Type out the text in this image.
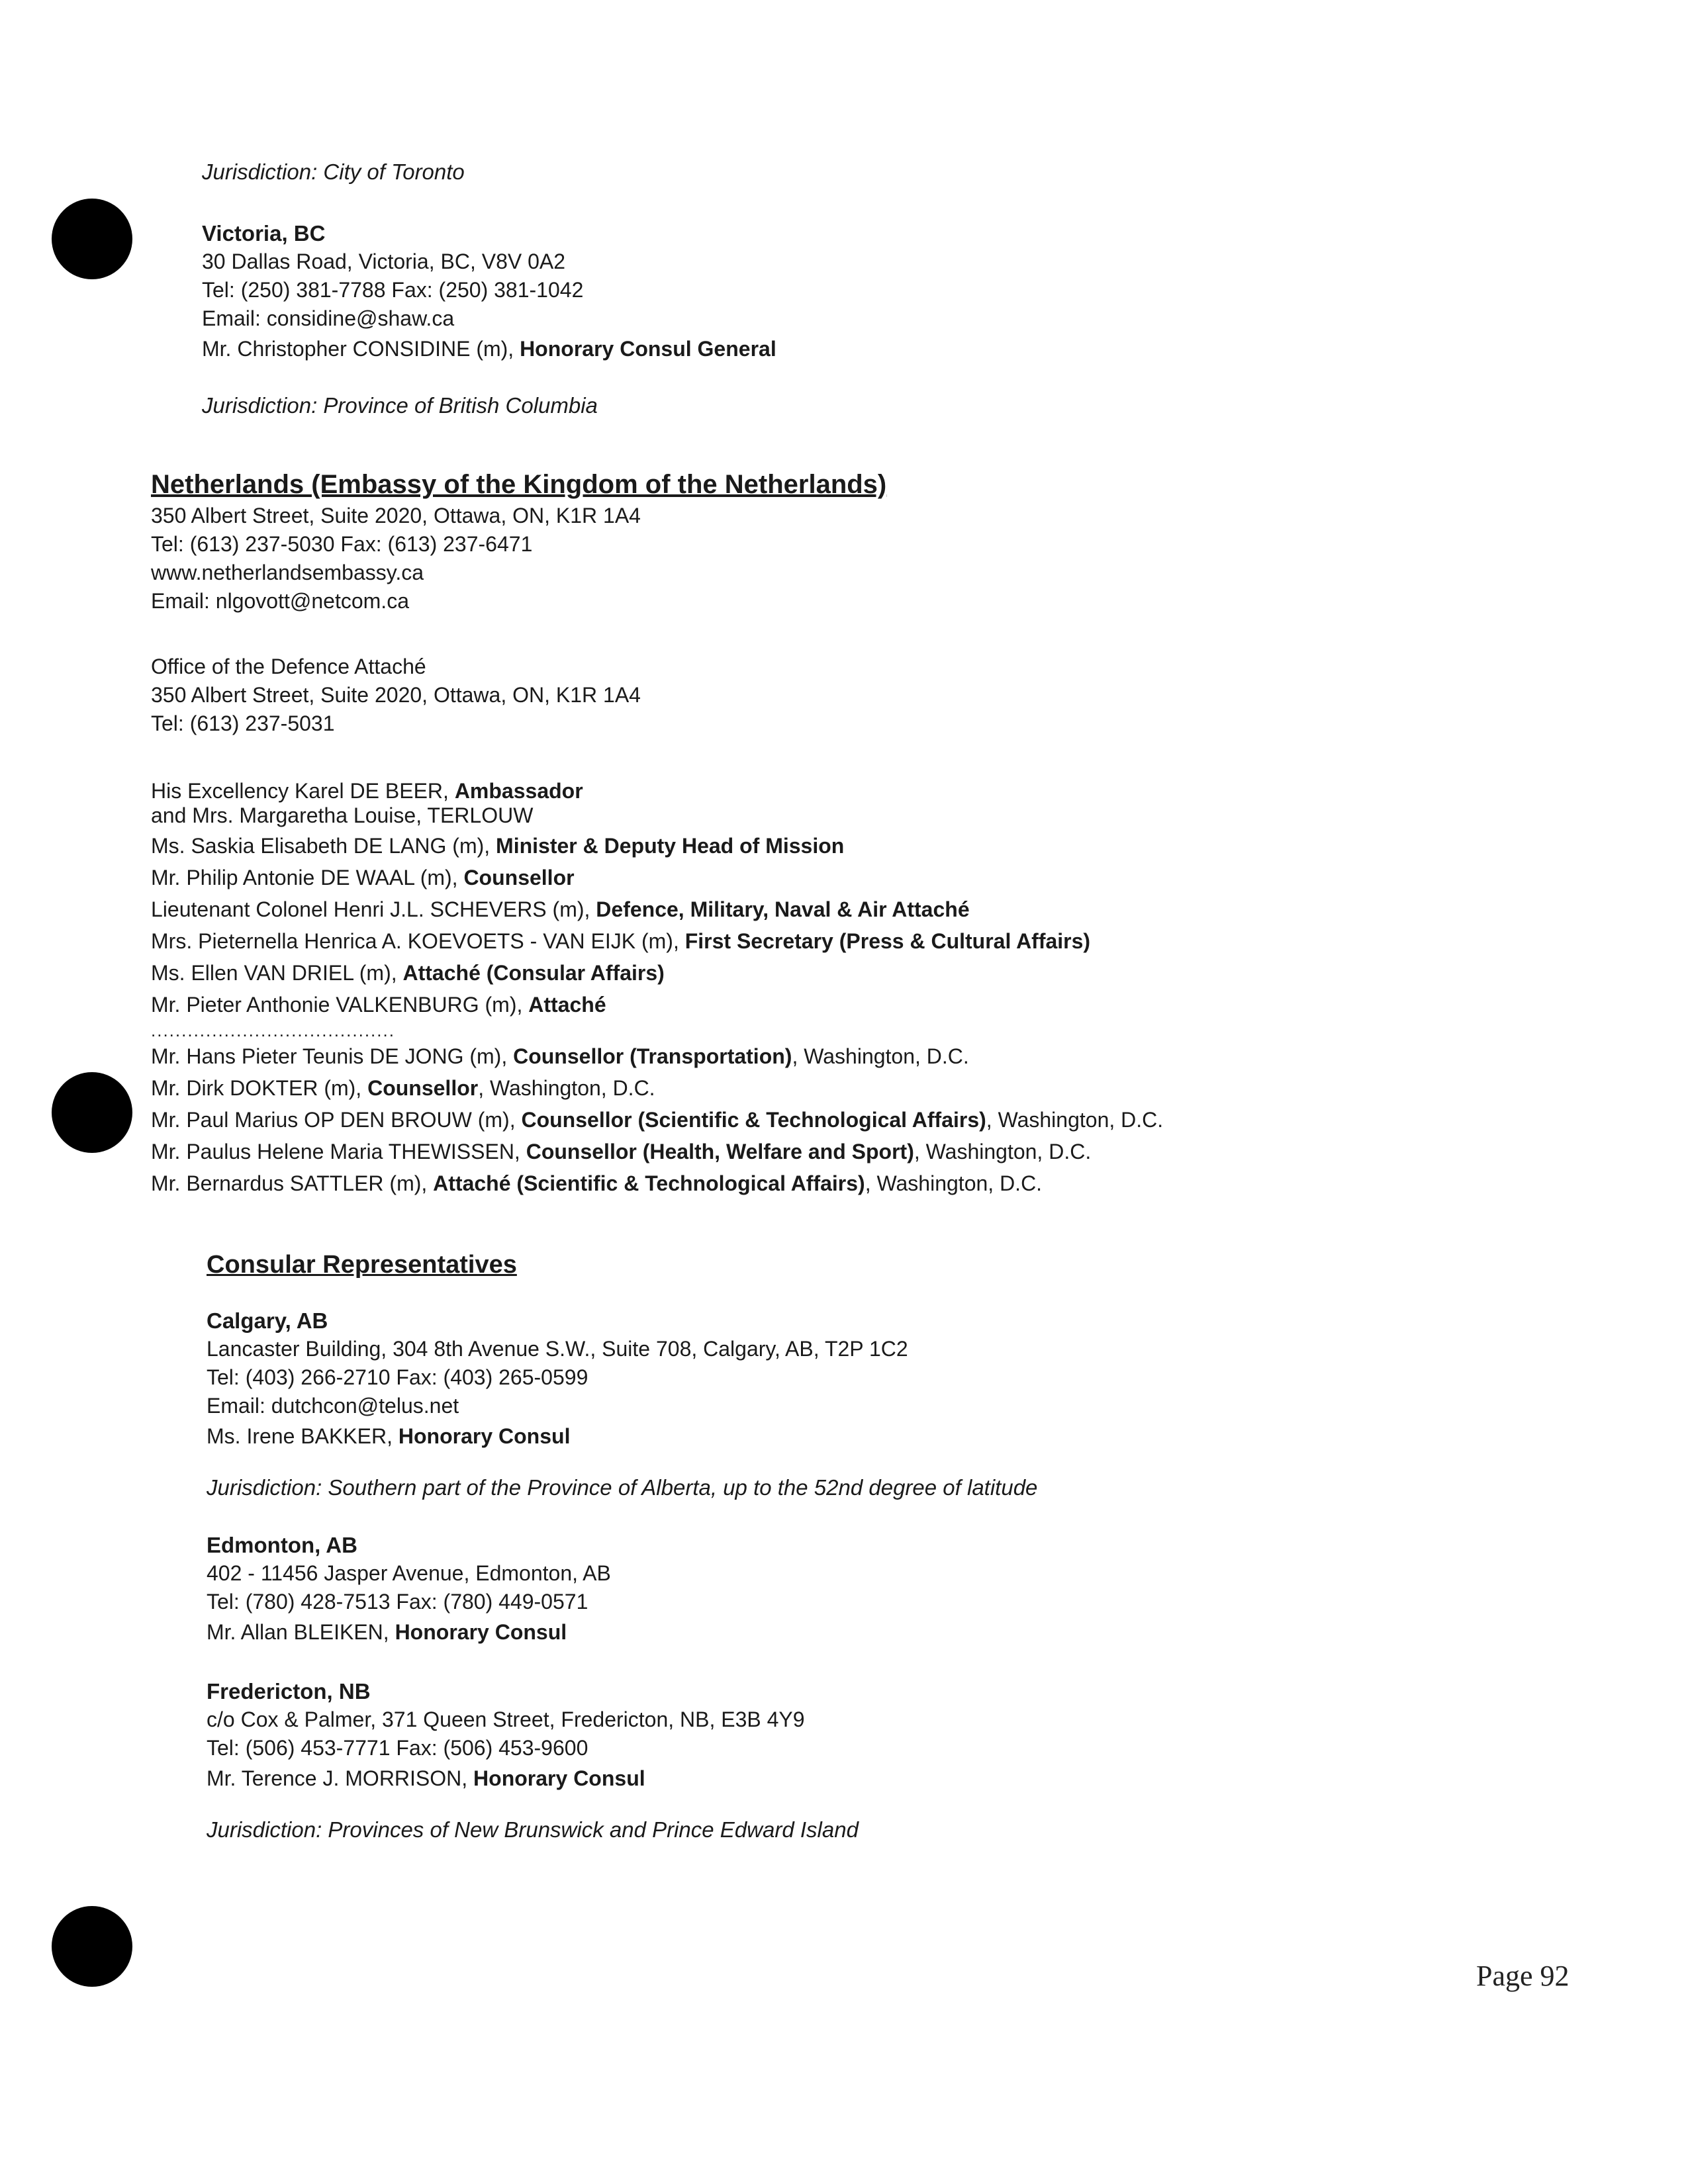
Jurisdiction: City of Toronto
Victoria, BC
30 Dallas Road, Victoria, BC, V8V 0A2
Tel: (250) 381-7788 Fax: (250) 381-1042
Email: considine@shaw.ca
Mr. Christopher CONSIDINE (m), Honorary Consul General
Jurisdiction: Province of British Columbia
Netherlands (Embassy of the Kingdom of the Netherlands)
350 Albert Street, Suite 2020, Ottawa, ON, K1R 1A4
Tel: (613) 237-5030 Fax: (613) 237-6471
www.netherlandsembassy.ca
Email: nlgovott@netcom.ca
Office of the Defence Attaché
350 Albert Street, Suite 2020, Ottawa, ON, K1R 1A4
Tel: (613) 237-5031
His Excellency Karel DE BEER, Ambassador
and Mrs. Margaretha Louise, TERLOUW
Ms. Saskia Elisabeth DE LANG (m), Minister & Deputy Head of Mission
Mr. Philip Antonie DE WAAL (m), Counsellor
Lieutenant Colonel Henri J.L. SCHEVERS (m), Defence, Military, Naval & Air Attaché
Mrs. Pieternella Henrica A. KOEVOETS - VAN EIJK (m), First Secretary (Press & Cultural Affairs)
Ms. Ellen VAN DRIEL (m), Attaché (Consular Affairs)
Mr. Pieter Anthonie VALKENBURG (m), Attaché
........................................
Mr. Hans Pieter Teunis DE JONG (m), Counsellor (Transportation), Washington, D.C.
Mr. Dirk DOKTER (m), Counsellor, Washington, D.C.
Mr. Paul Marius OP DEN BROUW (m), Counsellor (Scientific & Technological Affairs), Washington, D.C.
Mr. Paulus Helene Maria THEWISSEN, Counsellor (Health, Welfare and Sport), Washington, D.C.
Mr. Bernardus SATTLER (m), Attaché (Scientific & Technological Affairs), Washington, D.C.
Consular Representatives
Calgary, AB
Lancaster Building, 304 8th Avenue S.W., Suite 708, Calgary, AB, T2P 1C2
Tel: (403) 266-2710 Fax: (403) 265-0599
Email: dutchcon@telus.net
Ms. Irene BAKKER, Honorary Consul
Jurisdiction: Southern part of the Province of Alberta, up to the 52nd degree of latitude
Edmonton, AB
402 - 11456 Jasper Avenue, Edmonton, AB
Tel: (780) 428-7513 Fax: (780) 449-0571
Mr. Allan BLEIKEN, Honorary Consul
Fredericton, NB
c/o Cox & Palmer, 371 Queen Street, Fredericton, NB, E3B 4Y9
Tel: (506) 453-7771 Fax: (506) 453-9600
Mr. Terence J. MORRISON, Honorary Consul
Jurisdiction: Provinces of New Brunswick and Prince Edward Island
Page 92
